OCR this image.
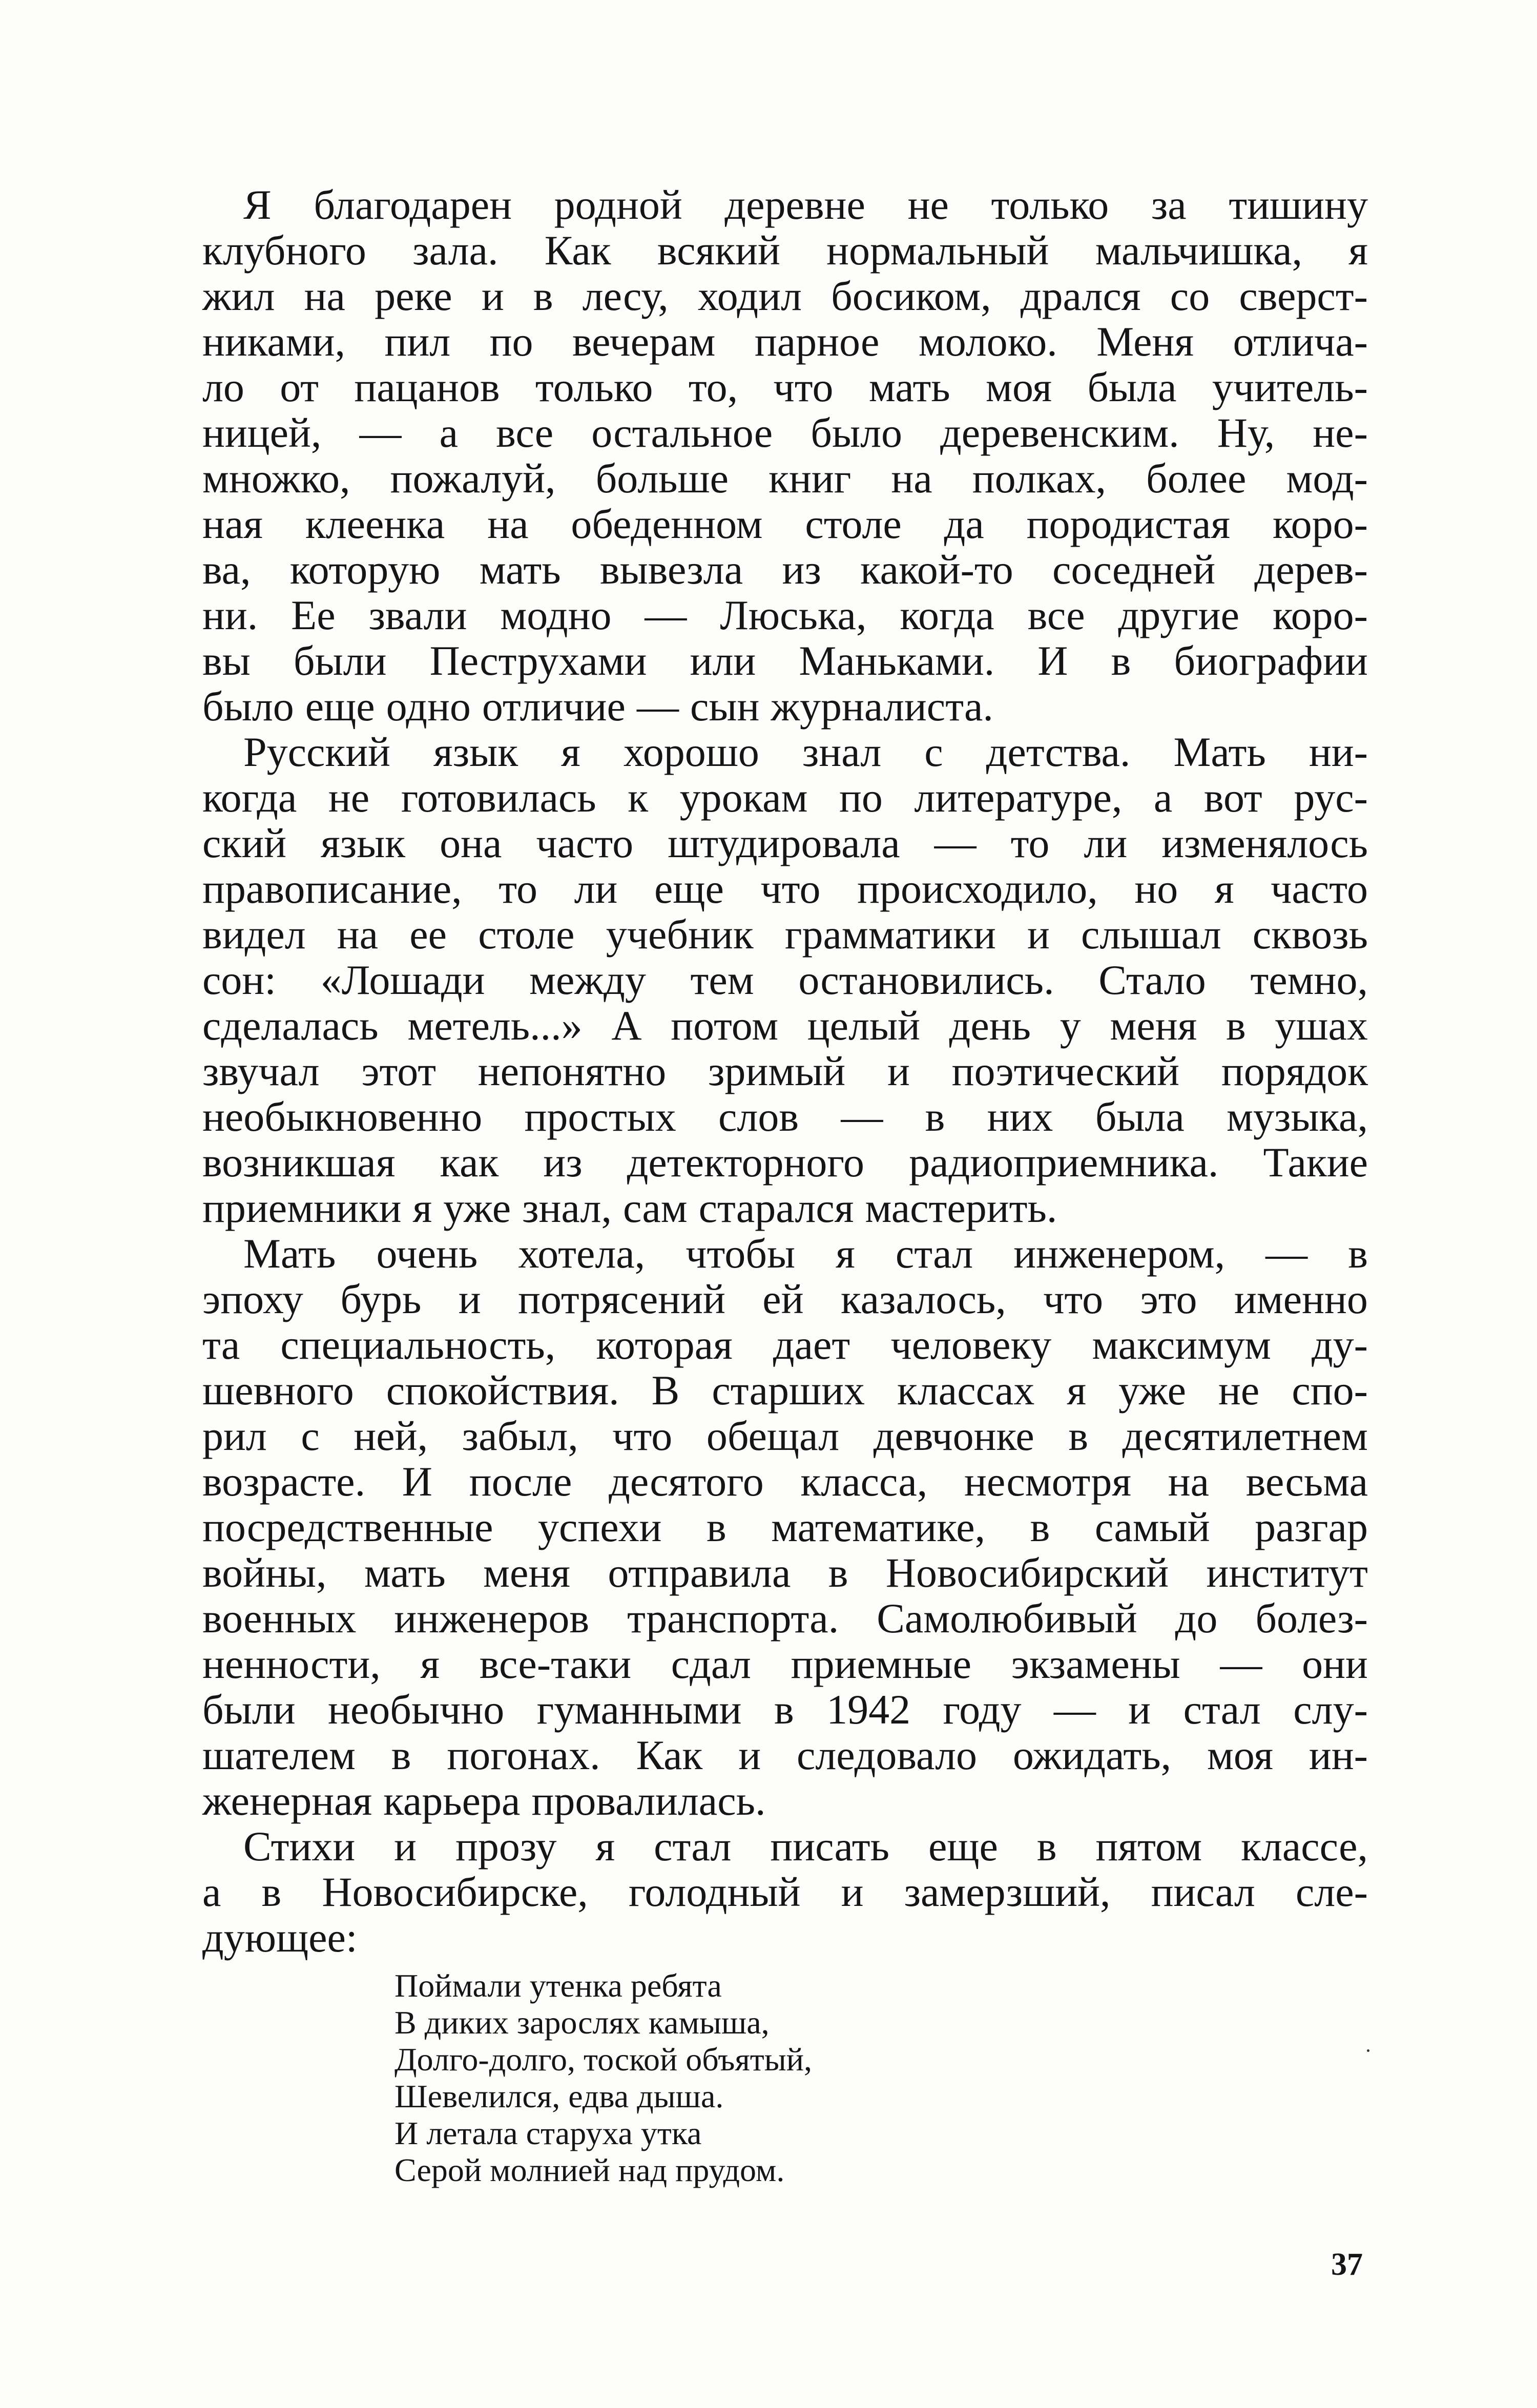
Я благодарен родной деревне не только за тишину
клубного зала. Как всякий нормальный мальчишка, я
жил на реке и в лесу, ходил босиком, дрался со сверст-
никами, пил по вечерам парное молоко. Меня отлича-
ло от пацанов только то, что мать моя была учитель-
ницей, — а все остальное было деревенским. Ну, не-
множко, пожалуй, больше книг на полках, более мод-
ная клеенка на обеденном столе да породистая коро-
ва, которую мать вывезла из какой-то соседней дерев-
ни. Ее звали модно — Люська, когда все другие коро-
вы были Пеструхами или Маньками. И в биографии
было еще одно отличие — сын журналиста.
Русский язык я хорошо знал с детства. Мать ни-
когда не готовилась к урокам по литературе, а вот рус-
ский язык она часто штудировала — то ли изменялось
правописание, то ли еще что происходило, но я часто
видел на ее столе учебник грамматики и слышал сквозь
сон: «Лошади между тем остановились. Стало темно,
сделалась метель...» А потом целый день у меня в ушах
звучал этот непонятно зримый и поэтический порядок
необыкновенно простых слов — в них была музыка,
возникшая как из детекторного радиоприемника. Такие
приемники я уже знал, сам старался мастерить.
Мать очень хотела, чтобы я стал инженером, — в
эпоху бурь и потрясений ей казалось, что это именно
та специальность, которая дает человеку максимум ду-
шевного спокойствия. В старших классах я уже не спо-
рил с ней, забыл, что обещал девчонке в десятилетнем
возрасте. И после десятого класса, несмотря на весьма
посредственные успехи в математике, в самый разгар
войны, мать меня отправила в Новосибирский институт
военных инженеров транспорта. Самолюбивый до болез-
ненности, я все-таки сдал приемные экзамены — они
были необычно гуманными в 1942 году — и стал слу-
шателем в погонах. Как и следовало ожидать, моя ин-
женерная карьера провалилась.
Стихи и прозу я стал писать еще в пятом классе,
а в Новосибирске, голодный и замерзший, писал сле-
дующее:
Поймали утенка ребята
В диких зарослях камыша,
Долго-долго, тоской объятый,
Шевелился, едва дыша.
И летала старуха утка
Серой молнией над прудом.
37
